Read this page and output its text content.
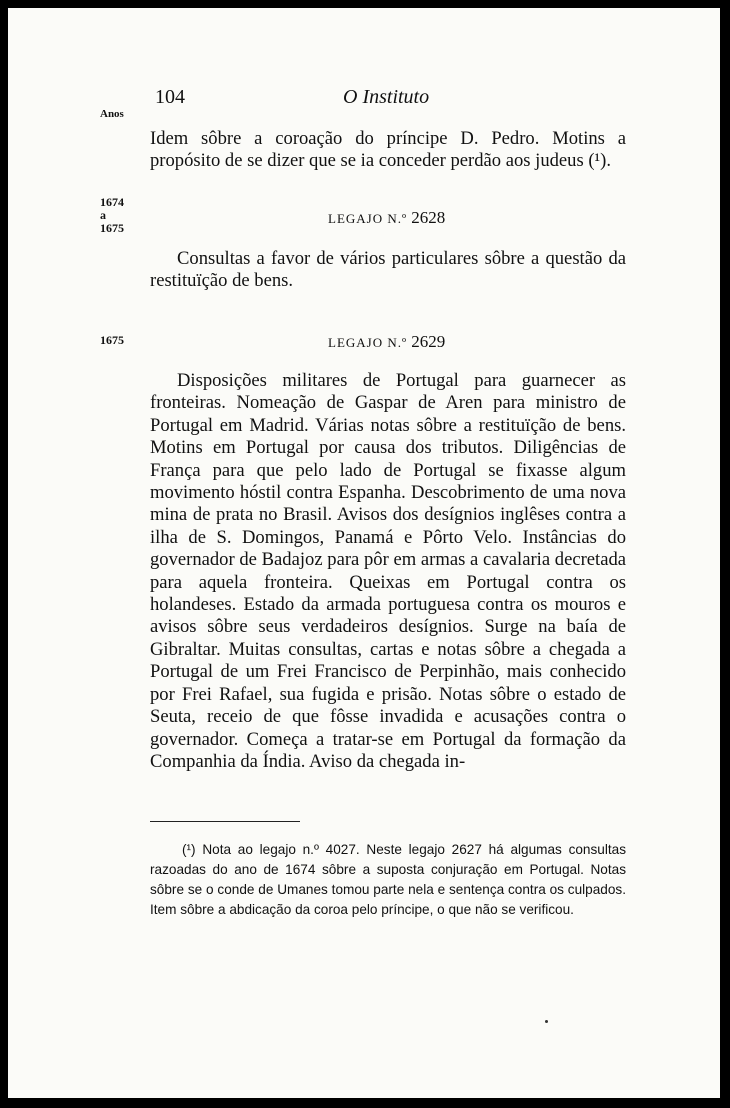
Anos
104	O Instituto

Idem sôbre a coroação do príncipe D. Pedro. Motins a propósito de se dizer que se ia conceder perdão aos judeus (¹).

1674
a
1675
LEGAJO N.º 2628

Consultas a favor de vários particulares sôbre a questão da restituïção de bens.

1675	LEGAJO N.º 2629

Disposições militares de Portugal para guarnecer as fronteiras. Nomeação de Gaspar de Aren para ministro de Portugal em Madrid. Várias notas sôbre a restituïção de bens. Motins em Portugal por causa dos tributos. Diligências de França para que pelo lado de Portugal se fixasse algum movimento hóstil contra Espanha. Descobrimento de uma nova mina de prata no Brasil. Avisos dos desígnios inglêses contra a ilha de S. Domingos, Panamá e Pôrto Velo. Instâncias do governador de Badajoz para pôr em armas a cavalaria decretada para aquela fronteira. Queixas em Portugal contra os holandeses. Estado da armada portuguesa contra os mouros e avisos sôbre seus verdadeiros desígnios. Surge na baía de Gibraltar. Muitas consultas, cartas e notas sôbre a chegada a Portugal de um Frei Francisco de Perpinhão, mais conhecido por Frei Rafael, sua fugida e prisão. Notas sôbre o estado de Seuta, receio de que fôsse invadida e acusações contra o governador. Começa a tratar-se em Portugal da formação da Companhia da Índia. Aviso da chegada in-

(¹) Nota ao legajo n.º 4027. Neste legajo 2627 há algumas consultas razoadas do ano de 1674 sôbre a suposta conjuração em Portugal. Notas sôbre se o conde de Umanes tomou parte nela e sentença contra os culpados. Item sôbre a abdicação da coroa pelo príncipe, o que não se verificou.
